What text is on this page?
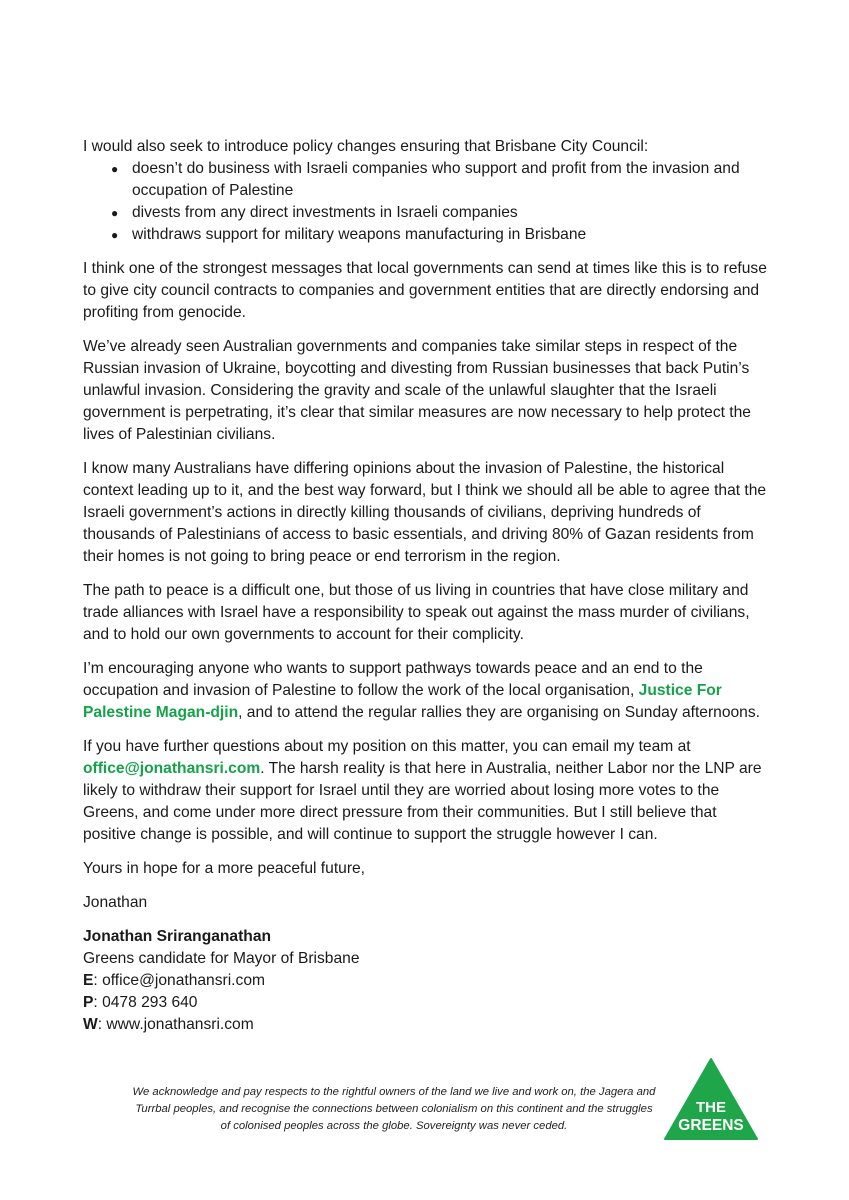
I would also seek to introduce policy changes ensuring that Brisbane City Council:

● doesn’t do business with Israeli companies who support and profit from the invasion and occupation of Palestine
● divests from any direct investments in Israeli companies
● withdraws support for military weapons manufacturing in Brisbane

I think one of the strongest messages that local governments can send at times like this is to refuse to give city council contracts to companies and government entities that are directly endorsing and profiting from genocide.

We’ve already seen Australian governments and companies take similar steps in respect of the Russian invasion of Ukraine, boycotting and divesting from Russian businesses that back Putin’s unlawful invasion. Considering the gravity and scale of the unlawful slaughter that the Israeli government is perpetrating, it’s clear that similar measures are now necessary to help protect the lives of Palestinian civilians.

I know many Australians have differing opinions about the invasion of Palestine, the historical context leading up to it, and the best way forward, but I think we should all be able to agree that the Israeli government’s actions in directly killing thousands of civilians, depriving hundreds of thousands of Palestinians of access to basic essentials, and driving 80% of Gazan residents from their homes is not going to bring peace or end terrorism in the region.

The path to peace is a difficult one, but those of us living in countries that have close military and trade alliances with Israel have a responsibility to speak out against the mass murder of civilians, and to hold our own governments to account for their complicity.

I’m encouraging anyone who wants to support pathways towards peace and an end to the occupation and invasion of Palestine to follow the work of the local organisation, Justice For Palestine Magan-djin, and to attend the regular rallies they are organising on Sunday afternoons.

If you have further questions about my position on this matter, you can email my team at office@jonathansri.com. The harsh reality is that here in Australia, neither Labor nor the LNP are likely to withdraw their support for Israel until they are worried about losing more votes to the Greens, and come under more direct pressure from their communities. But I still believe that positive change is possible, and will continue to support the struggle however I can.

Yours in hope for a more peaceful future,

Jonathan

Jonathan Sriranganathan
Greens candidate for Mayor of Brisbane
E: office@jonathansri.com
P: 0478 293 640
W: www.jonathansri.com
We acknowledge and pay respects to the rightful owners of the land we live and work on, the Jagera and Turrbal peoples, and recognise the connections between colonialism on this continent and the struggles of colonised peoples across the globe. Sovereignty was never ceded.
THE
GREENS
